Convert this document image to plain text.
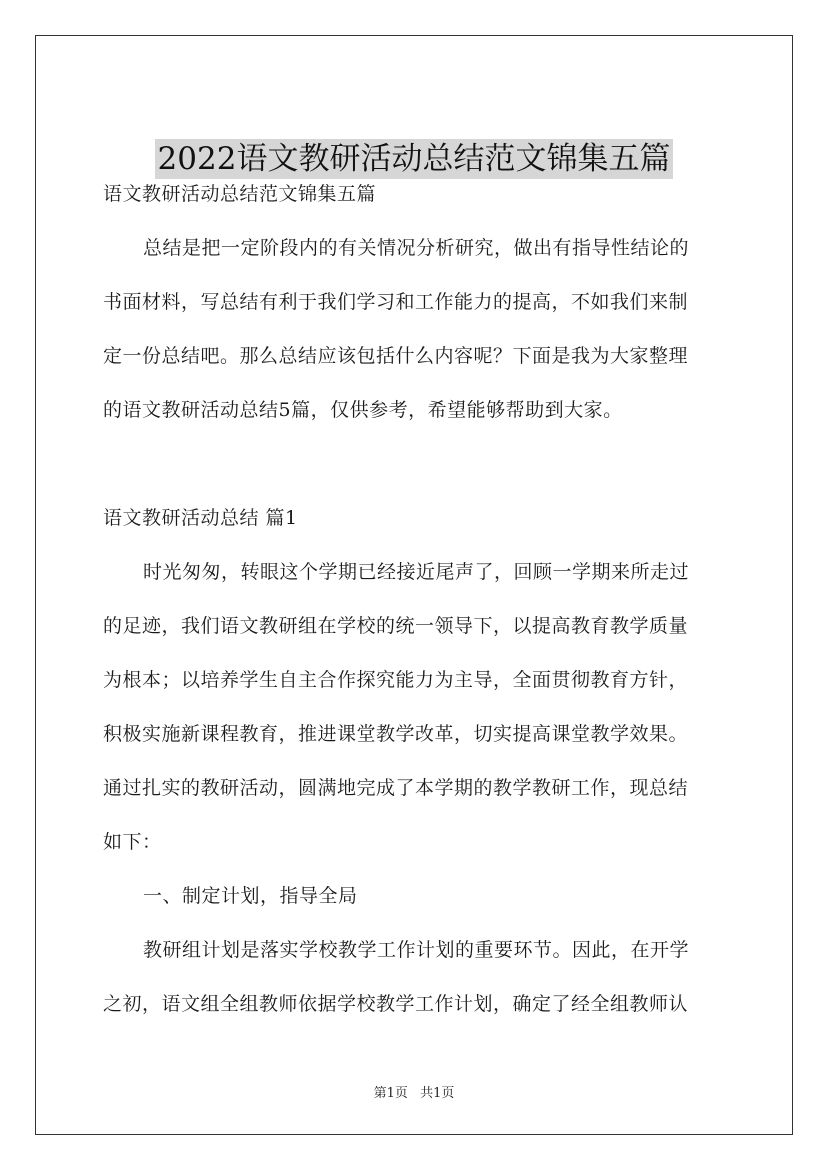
2022语文教研活动总结范文锦集五篇
语文教研活动总结范文锦集五篇
总结是把一定阶段内的有关情况分析研究，做出有指导性结论的
书面材料，写总结有利于我们学习和工作能力的提高，不如我们来制
定一份总结吧。那么总结应该包括什么内容呢？下面是我为大家整理
的语文教研活动总结5篇，仅供参考，希望能够帮助到大家。
语文教研活动总结 篇1
时光匆匆，转眼这个学期已经接近尾声了，回顾一学期来所走过
的足迹，我们语文教研组在学校的统一领导下，以提高教育教学质量
为根本；以培养学生自主合作探究能力为主导，全面贯彻教育方针，
积极实施新课程教育，推进课堂教学改革，切实提高课堂教学效果。
通过扎实的教研活动，圆满地完成了本学期的教学教研工作，现总结
如下：
一、制定计划，指导全局
教研组计划是落实学校教学工作计划的重要环节。因此，在开学
之初，语文组全组教师依据学校教学工作计划，确定了经全组教师认
第1页 共1页
